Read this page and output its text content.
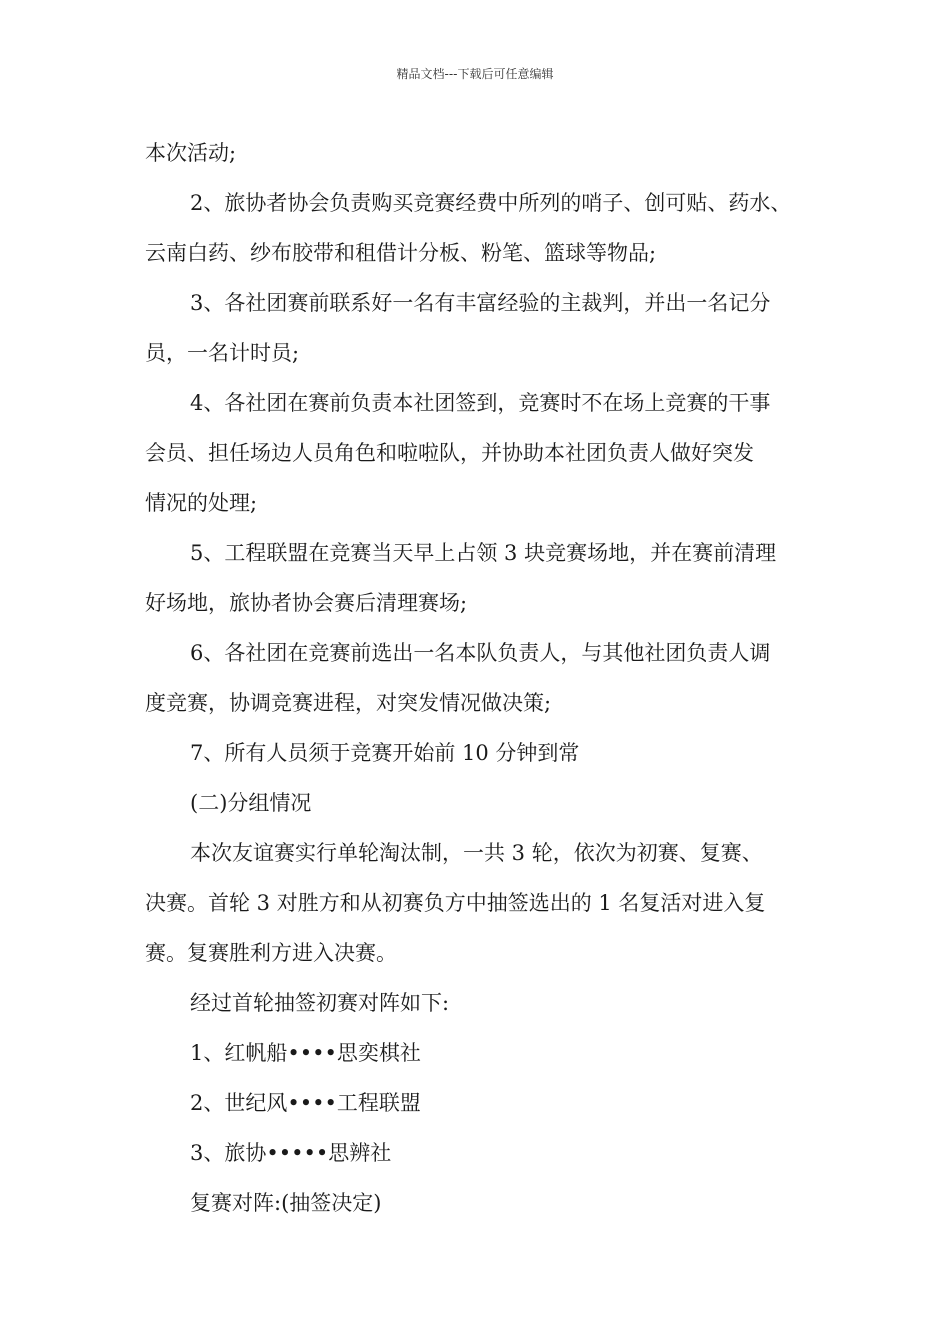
精品文档---下载后可任意编辑
本次活动;
2、旅协者协会负责购买竞赛经费中所列的哨子、创可贴、药水、
云南白药、纱布胶带和租借计分板、粉笔、篮球等物品;
3、各社团赛前联系好一名有丰富经验的主裁判，并出一名记分
员，一名计时员;
4、各社团在赛前负责本社团签到，竞赛时不在场上竞赛的干事
会员、担任场边人员角色和啦啦队，并协助本社团负责人做好突发
情况的处理;
5、工程联盟在竞赛当天早上占领 3 块竞赛场地，并在赛前清理
好场地，旅协者协会赛后清理赛场;
6、各社团在竞赛前选出一名本队负责人，与其他社团负责人调
度竞赛，协调竞赛进程，对突发情况做决策;
7、所有人员须于竞赛开始前 10 分钟到常
(二)分组情况
本次友谊赛实行单轮淘汰制，一共 3 轮，依次为初赛、复赛、
决赛。首轮 3 对胜方和从初赛负方中抽签选出的 1 名复活对进入复
赛。复赛胜利方进入决赛。
经过首轮抽签初赛对阵如下:
1、红帆船••••思奕棋社
2、世纪风••••工程联盟
3、旅协•••••思辨社
复赛对阵:(抽签决定)
